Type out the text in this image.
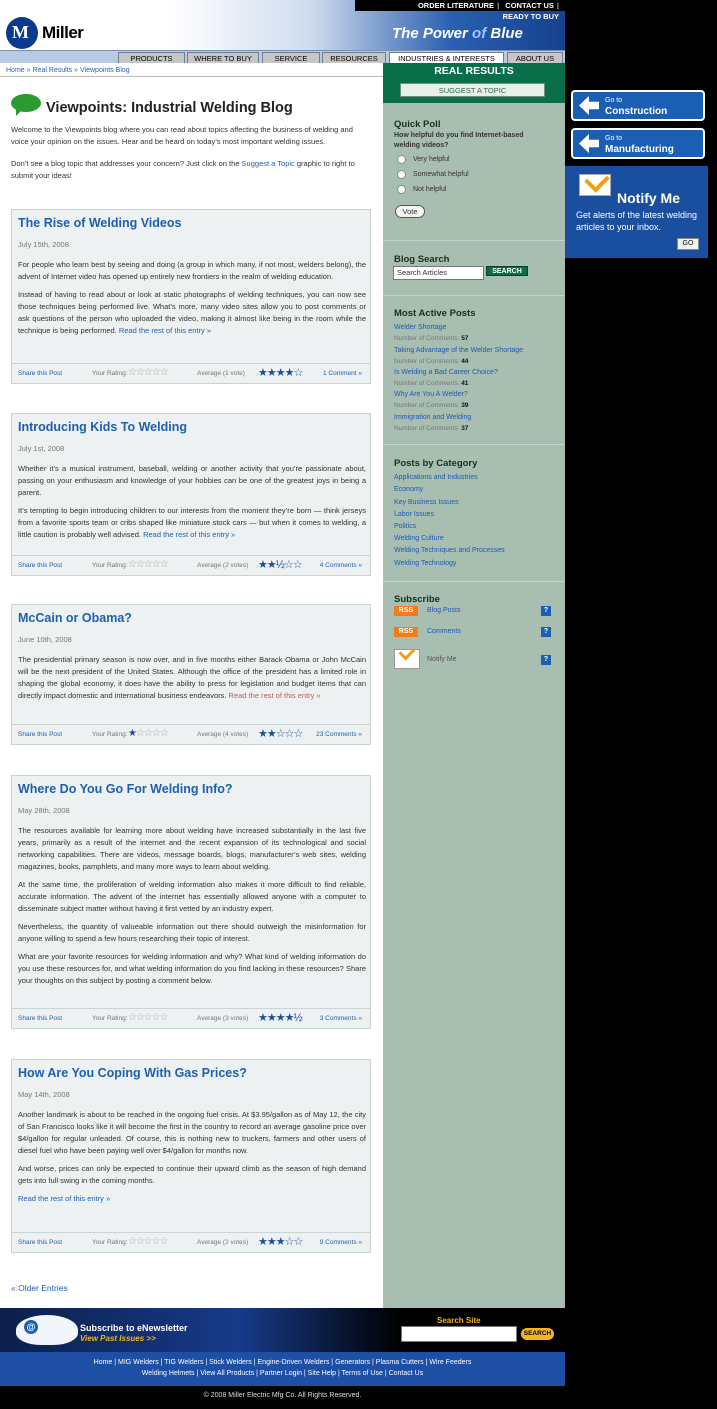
M Miller	The Power of Blue
ORDER LITERATURE | CONTACT US | READY TO BUY
PRODUCTS	WHERE TO BUY	SERVICE	RESOURCES	INDUSTRIES & INTERESTS	ABOUT US
Home » Real Results » Viewpoints Blog
Viewpoints: Industrial Welding Blog

Welcome to the Viewpoints blog where you can read about topics affecting the business of welding and voice your opinion on the issues. Hear and be heard on today’s most important welding issues.

Don’t see a blog topic that addresses your concern? Just click on the Suggest a Topic graphic to right to submit your ideas!

The Rise of Welding Videos
July 15th, 2008

For people who learn best by seeing and doing (a group in which many, if not most, welders belong), the advent of Internet video has opened up entirely new frontiers in the realm of welding education.

Instead of having to read about or look at static photographs of welding techniques, you can now see those techniques being performed live. What’s more, many video sites allow you to post comments or ask questions of the person who uploaded the video, making it almost like being in the room while the technique is being performed. Read the rest of this entry »

Share this Post	Your Rating: ☆☆☆☆☆	Average (1 vote) ★★★★☆	1 Comment »
Introducing Kids To Welding
July 1st, 2008

Whether it’s a musical instrument, baseball, welding or another activity that you’re passionate about, passing on your enthusiasm and knowledge of your hobbies can be one of the greatest joys in being a parent.

It’s tempting to begin introducing children to our interests from the moment they’re born — think jerseys from a favorite sports team or cribs shaped like miniature stock cars — but when it comes to welding, a little caution is probably well advised. Read the rest of this entry »

Share this Post	Your Rating: ☆☆☆☆☆	Average (2 votes) ★★½☆☆	4 Comments »
McCain or Obama?
June 10th, 2008

The presidential primary season is now over, and in five months either Barack Obama or John McCain will be the next president of the United States. Although the office of the president has a limited role in shaping the global economy, it does have the ability to press for legislation and budget items that can directly impact domestic and international business endeavors. Read the rest of this entry »

Share this Post	Your Rating: ★☆☆☆☆	Average (4 votes) ★★☆☆☆ 23 Comments »
Where Do You Go For Welding Info?
May 28th, 2008

The resources available for learning more about welding have increased substantially in the last five years, primarily as a result of the internet and the recent expansion of its technological and social networking capabilities. There are videos, message boards, blogs, manufacturer’s web sites, welding magazines, books, pamphlets, and many more ways to learn about welding.

At the same time, the proliferation of welding information also makes it more difficult to find reliable, accurate information. The advent of the internet has essentially allowed anyone with a computer to disseminate subject matter without having it first vetted by an industry expert.

Nevertheless, the quantity of valueable information out there should outweigh the misinformation for anyone willing to spend a few hours researching their topic of interest.

What are your favorite resources for welding information and why? What kind of welding information do you use these resources for, and what welding information do you find lacking in these resources? Share your thoughts on this subject by posting a comment below.

Share this Post	Your Rating: ☆☆☆☆☆	Average (3 votes) ★★★★½	3 Comments »
How Are You Coping With Gas Prices?
May 14th, 2008

Another landmark is about to be reached in the ongoing fuel crisis. At $3.95/gallon as of May 12, the city of San Francisco looks like it will become the first in the country to record an average gasoline price over $4/gallon for regular unleaded. Of course, this is nothing new to truckers, farmers and other users of diesel fuel who have been paying well over $4/gallon for months now.

And worse, prices can only be expected to continue their upward climb as the season of high demand gets into full swing in the coming months.

Read the rest of this entry »

Share this Post	Your Rating: ☆☆☆☆☆	Average (2 votes) ★★★☆☆	9 Comments »
« Older Entries
REAL RESULTS
SUGGEST A TOPIC
Quick Poll
How helpful do you find Internet-based welding videos?
Very helpful
Somewhat helpful
Not helpful
Vote
Blog Search
Search Articles	SEARCH
Most Active Posts
Welder Shortage
Number of Comments: 57
Taking Advantage of the Welder Shortage
Number of Comments: 44
Is Welding a Bad Career Choice?
Number of Comments: 41
Why Are You A Welder?
Number of Comments: 39
Immigration and Welding
Number of Comments: 37
Posts by Category
Applications and Industries
Economy
Key Business Issues
Labor Issues
Politics
Welding Culture
Welding Techniques and Processes
Welding Technology
Subscribe
RSS	Blog Posts	?
RSS	Comments	?
Notify Me	?
Go to
Construction
Go to
Manufacturing
Notify Me
Get alerts of the latest welding articles to your inbox.
GO
@	Subscribe to eNewsletter
View Past Issues >>
Search Site
SEARCH
Home | MIG Welders | TIG Welders | Stick Welders | Engine-Driven Welders | Generators | Plasma Cutters | Wire Feeders
Welding Helmets | View All Products | Partner Login | Site Help | Terms of Use | Contact Us
© 2008 Miller Electric Mfg Co. All Rights Reserved.
